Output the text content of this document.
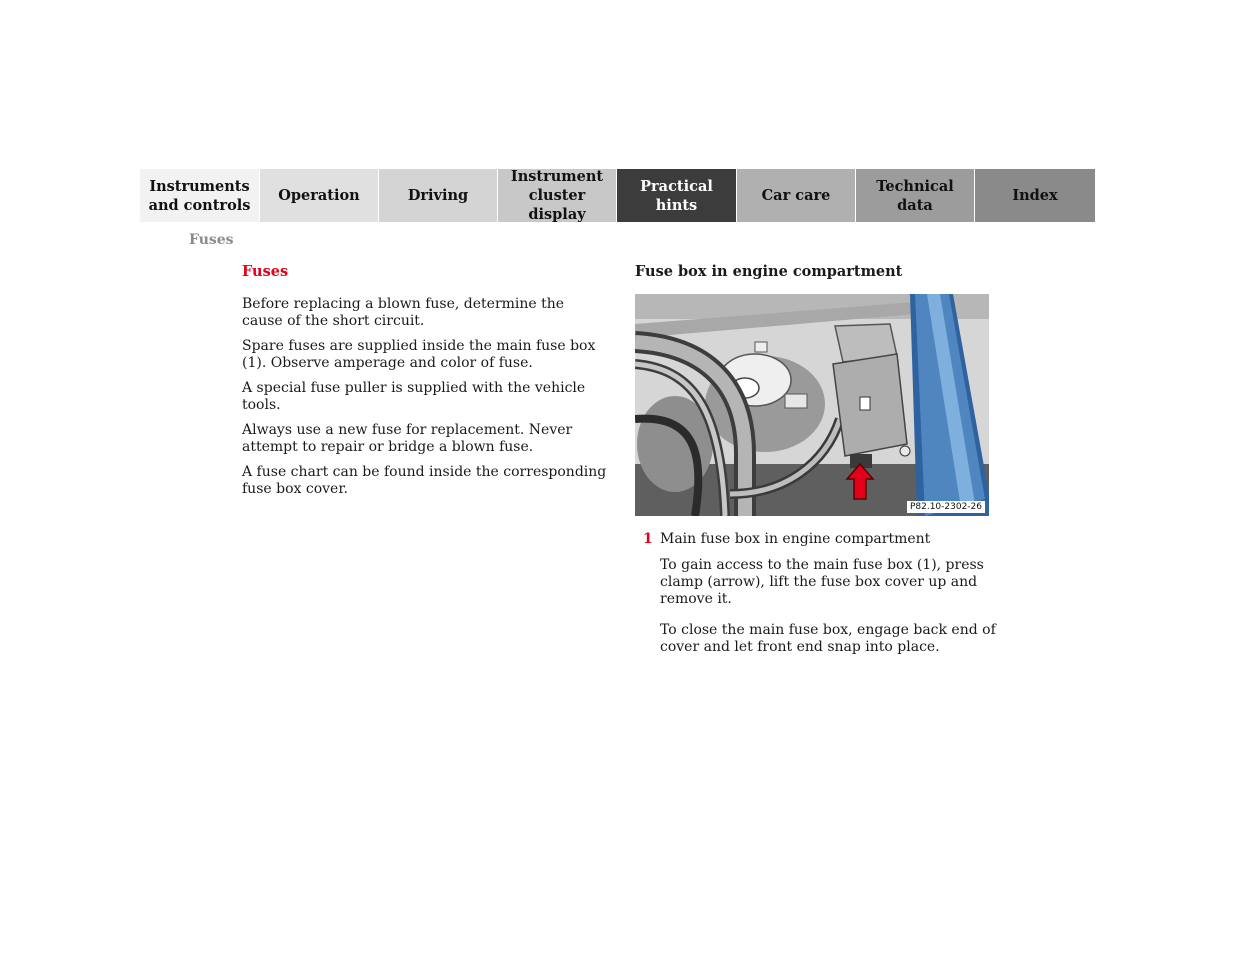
Instruments
and controls
Operation	Driving
Instrument
cluster display
Practical hints
Car care
Technical
data
Index
Fuses
Fuses

Before replacing a blown fuse, determine the cause of the short circuit.

Spare fuses are supplied inside the main fuse box (1). Observe amperage and color of fuse.

A special fuse puller is supplied with the vehicle tools.

Always use a new fuse for replacement. Never attempt to repair or bridge a blown fuse.

A fuse chart can be found inside the corresponding fuse box cover.

Fuse box in engine compartment
P82.10-2302-26
1 Main fuse box in engine compartment

To gain access to the main fuse box (1), press clamp (arrow), lift the fuse box cover up and remove it.

To close the main fuse box, engage back end of cover and let front end snap into place.
